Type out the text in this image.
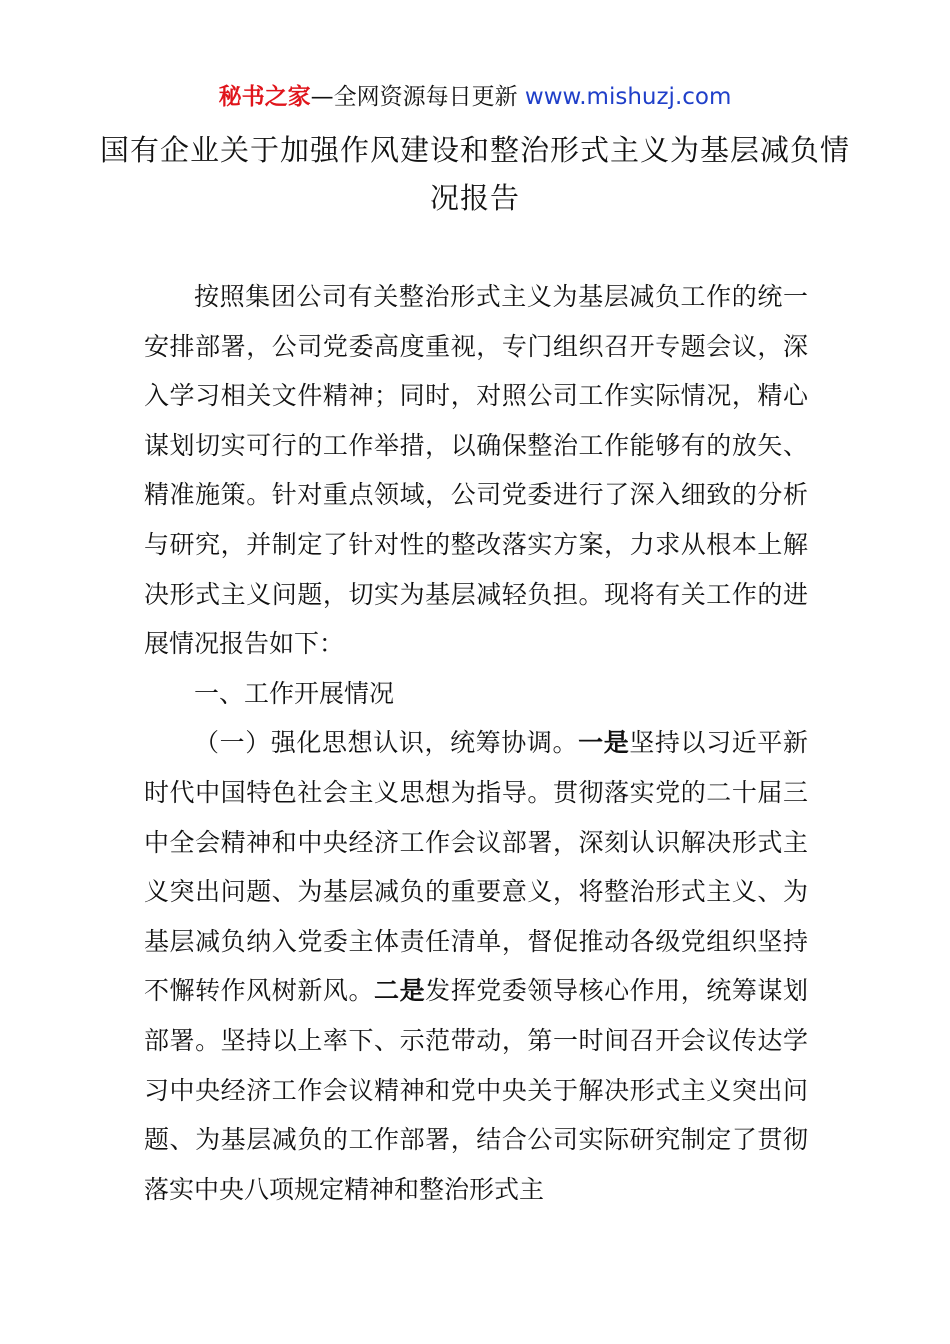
秘书之家—全网资源每日更新 www.mishuzj.com
国有企业关于加强作风建设和整治形式主义为基层减负情况报告

按照集团公司有关整治形式主义为基层减负工作的统一安排部署，公司党委高度重视，专门组织召开专题会议，深入学习相关文件精神；同时，对照公司工作实际情况，精心谋划切实可行的工作举措，以确保整治工作能够有的放矢、精准施策。针对重点领域，公司党委进行了深入细致的分析与研究，并制定了针对性的整改落实方案，力求从根本上解决形式主义问题，切实为基层减轻负担。现将有关工作的进展情况报告如下：

一、工作开展情况

（一）强化思想认识，统筹协调。一是坚持以习近平新时代中国特色社会主义思想为指导。贯彻落实党的二十届三中全会精神和中央经济工作会议部署，深刻认识解决形式主义突出问题、为基层减负的重要意义，将整治形式主义、为基层减负纳入党委主体责任清单，督促推动各级党组织坚持不懈转作风树新风。二是发挥党委领导核心作用，统筹谋划部署。坚持以上率下、示范带动，第一时间召开会议传达学习中央经济工作会议精神和党中央关于解决形式主义突出问题、为基层减负的工作部署，结合公司实际研究制定了贯彻落实中央八项规定精神和整治形式主
